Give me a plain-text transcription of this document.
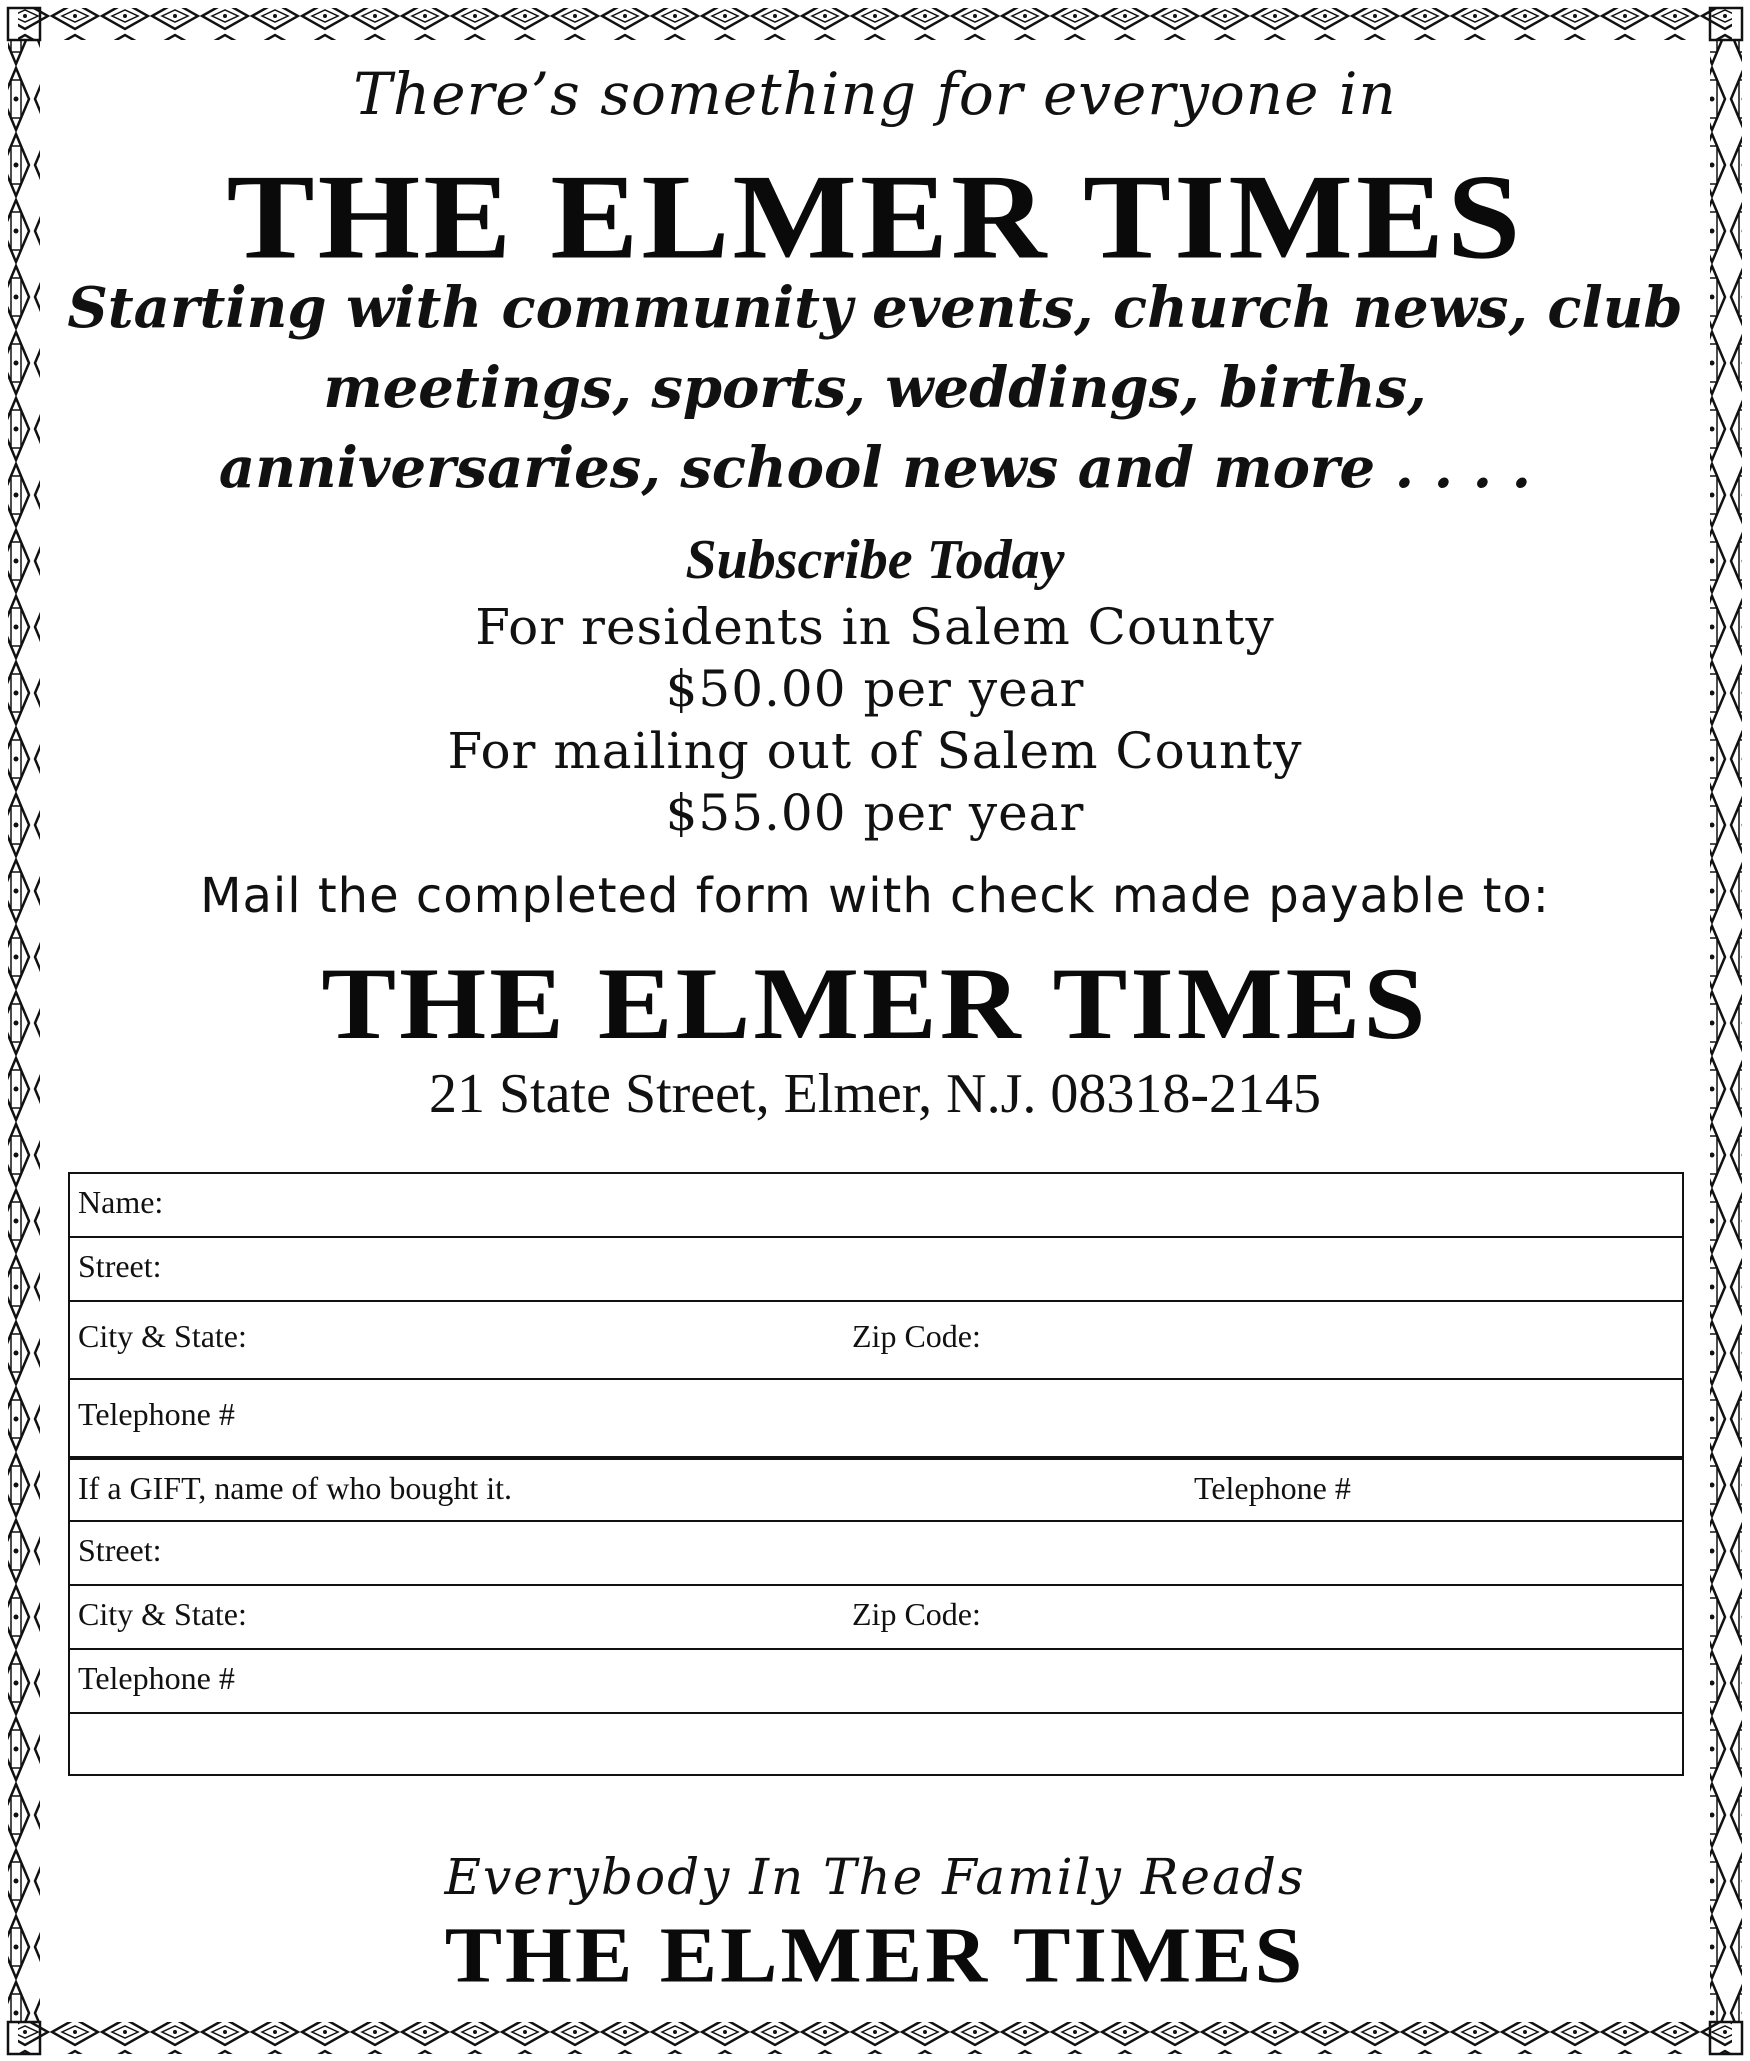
There’s something for everyone in
THE ELMER TIMES
Starting with community events, church news, club
meetings, sports, weddings, births,
anniversaries, school news and more . . . .
Subscribe Today
For residents in Salem County
$50.00 per year
For mailing out of Salem County
$55.00 per year
Mail the completed form with check made payable to:
THE ELMER TIMES
21 State Street, Elmer, N.J. 08318-2145
Everybody In The Family Reads
THE ELMER TIMES
Name:
Street:
City & State:	Zip Code:
Telephone #
If a GIFT, name of who bought it.	Telephone #
Street:
City & State:	Zip Code:
Telephone #
